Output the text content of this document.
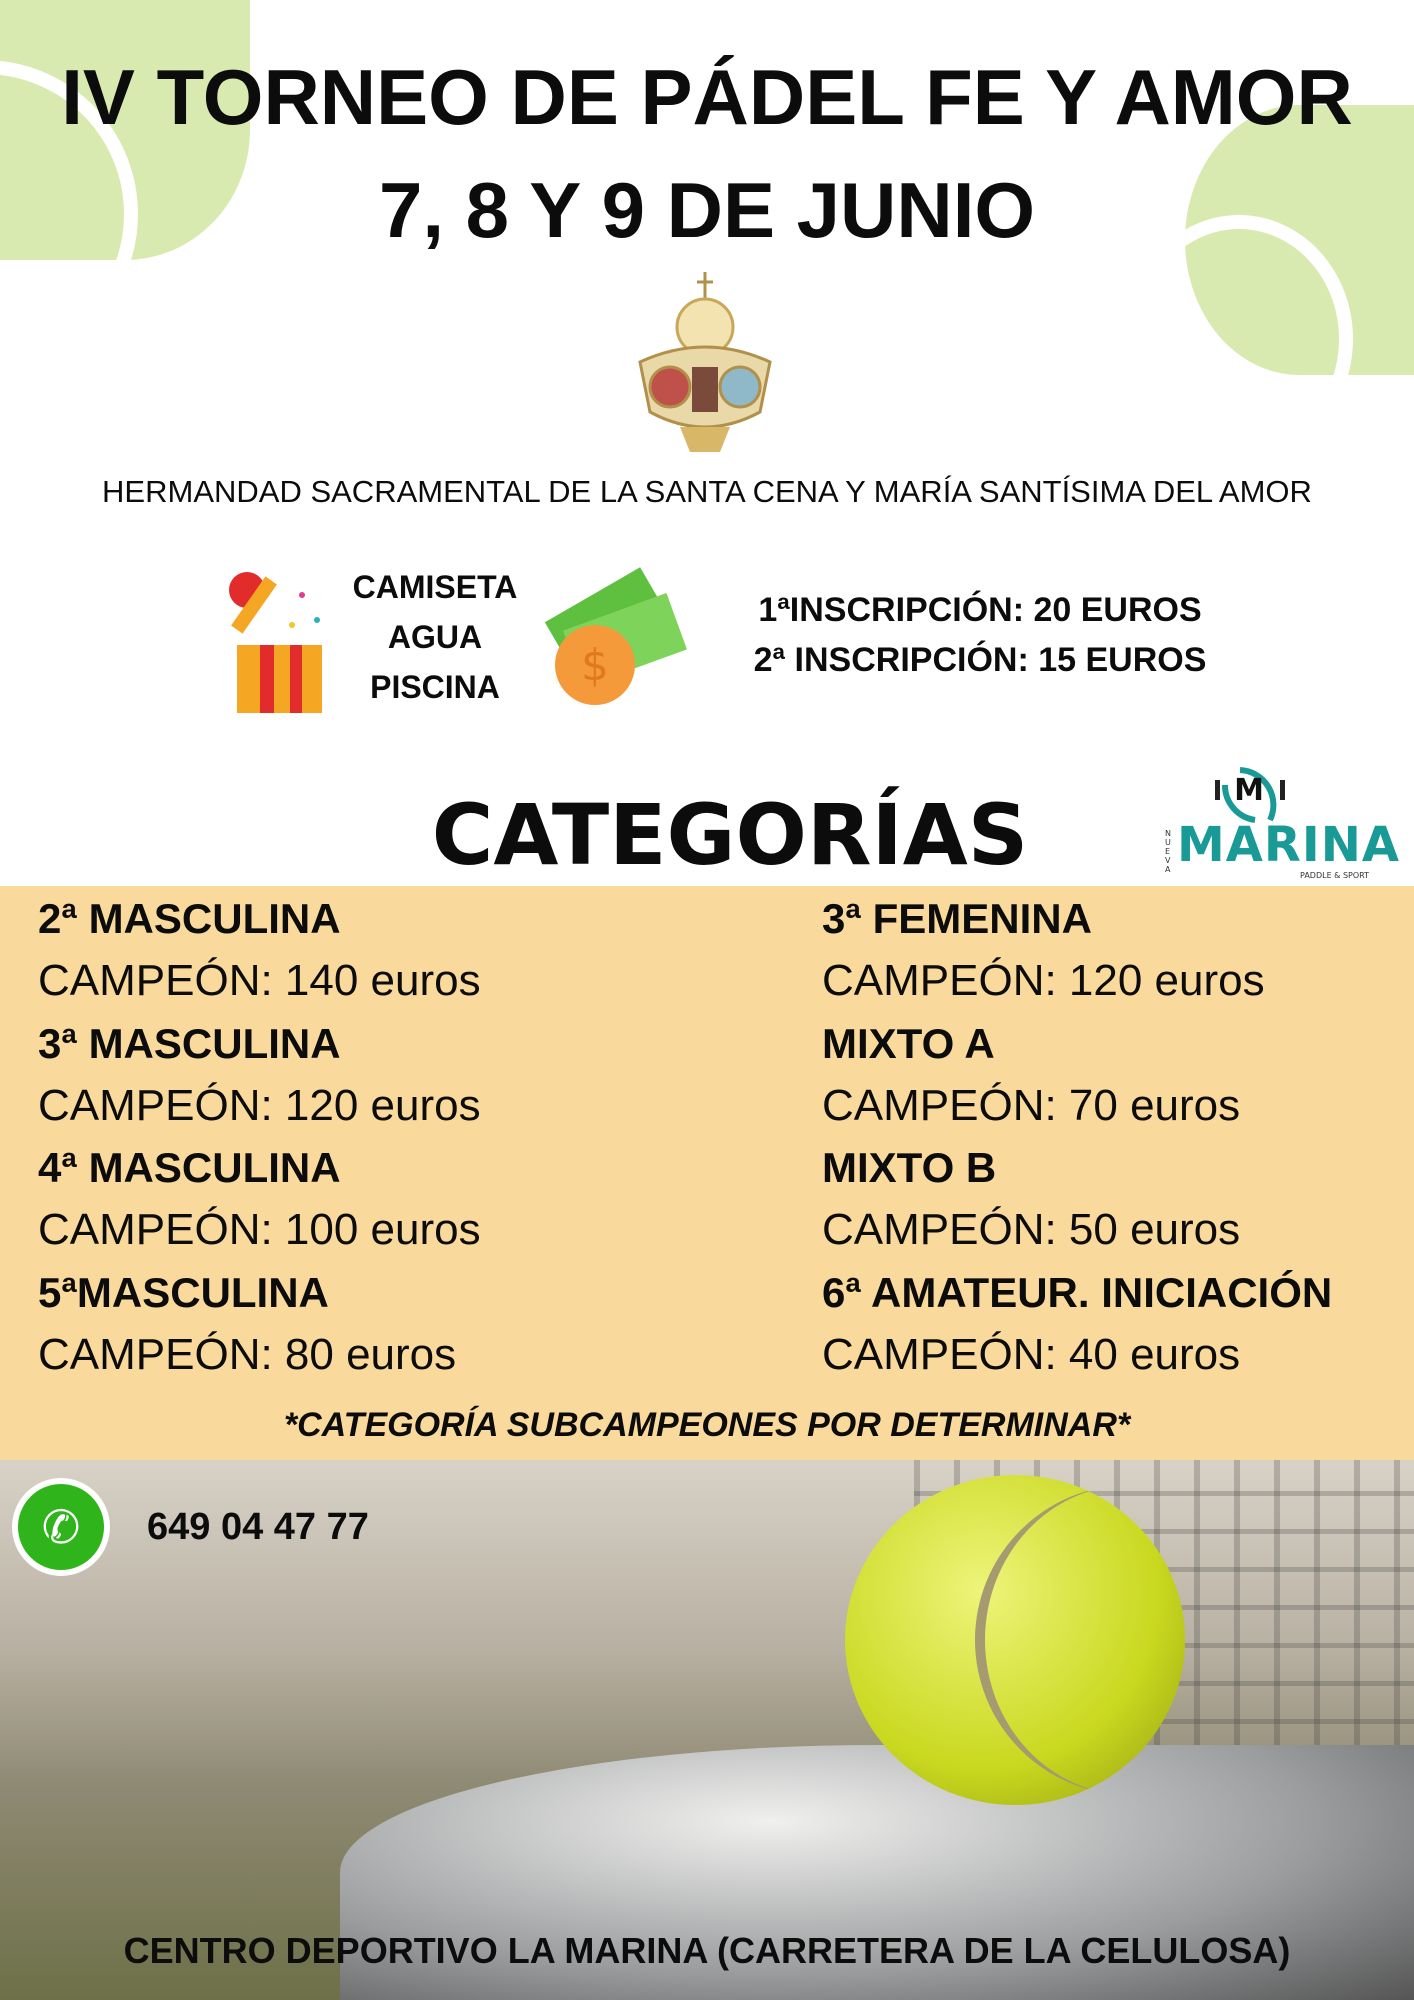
IV TORNEO DE PÁDEL FE Y AMOR
7, 8 Y 9 DE JUNIO
HERMANDAD SACRAMENTAL DE LA SANTA CENA Y MARÍA SANTÍSIMA DEL AMOR
CAMISETA
AGUA
PISCINA	$
1ªINSCRIPCIÓN: 20 EUROS
2ª INSCRIPCIÓN: 15 EUROS
CATEGORÍAS	M
NUEVA MARINA
PADDLE & SPORT
2ª MASCULINA
CAMPEÓN: 140 euros
3ª MASCULINA
CAMPEÓN: 120 euros
4ª MASCULINA
CAMPEÓN: 100 euros
5ªMASCULINA
CAMPEÓN: 80 euros
3ª FEMENINA
CAMPEÓN: 120 euros
MIXTO A
CAMPEÓN: 70 euros
MIXTO B
CAMPEÓN: 50 euros
6ª AMATEUR. INICIACIÓN
CAMPEÓN: 40 euros
*CATEGORÍA SUBCAMPEONES POR DETERMINAR*
✆	649 04 47 77
CENTRO DEPORTIVO LA MARINA (CARRETERA DE LA CELULOSA)
